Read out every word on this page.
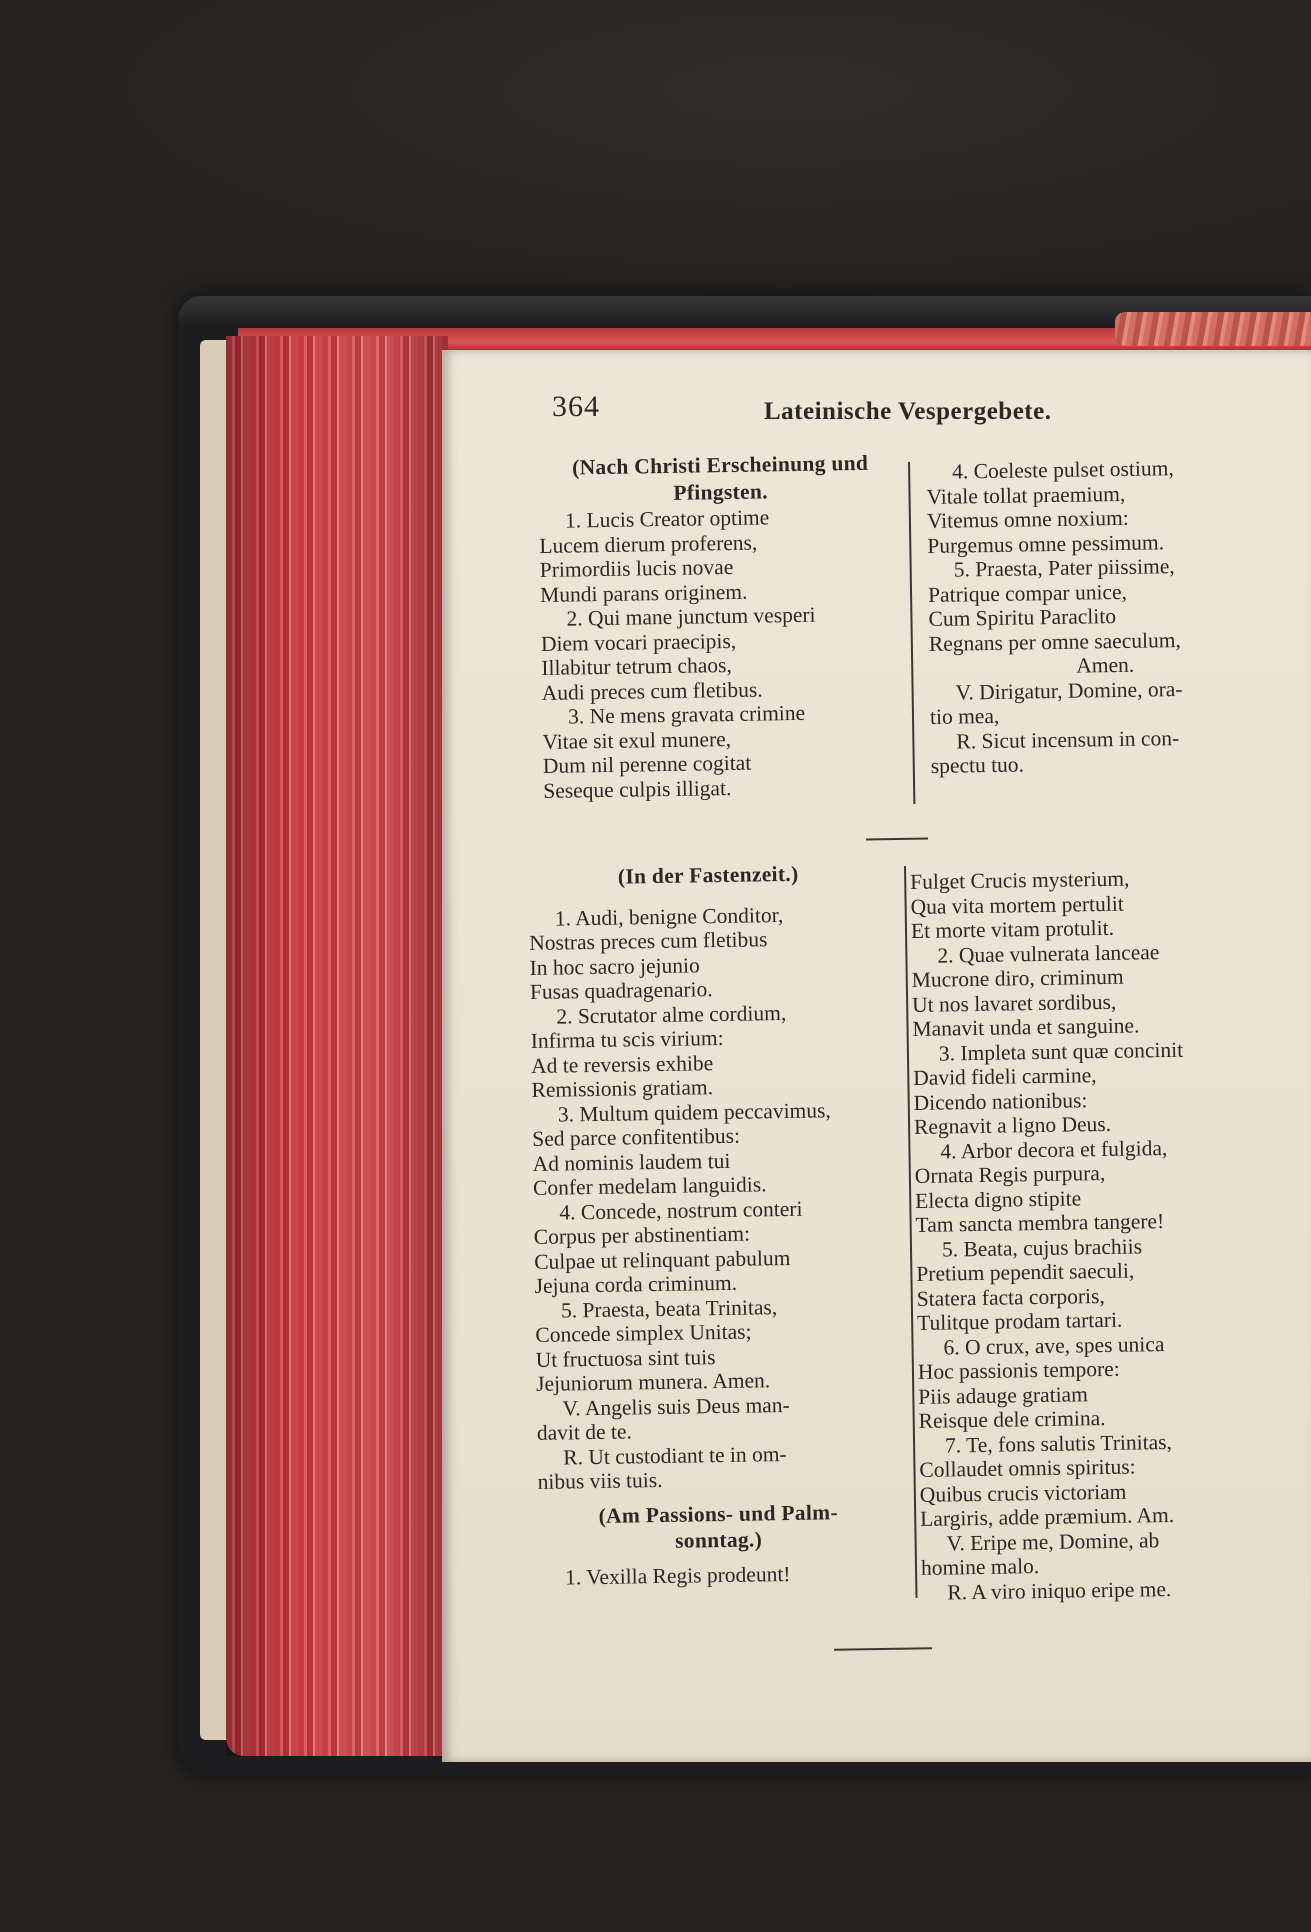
364	Lateinische Vespergebete.
(Nach Christi Erscheinung und
Pfingsten.
1. Lucis Creator optime
Lucem dierum proferens,
Primordiis lucis novae
Mundi parans originem.
2. Qui mane junctum vesperi
Diem vocari praecipis,
Illabitur tetrum chaos,
Audi preces cum fletibus.
3. Ne mens gravata crimine
Vitae sit exul munere,
Dum nil perenne cogitat
Seseque culpis illigat.
4. Coeleste pulset ostium,
Vitale tollat praemium,
Vitemus omne noxium:
Purgemus omne pessimum.
5. Praesta, Pater piissime,
Patrique compar unice,
Cum Spiritu Paraclito
Regnans per omne saeculum,
Amen.
V. Dirigatur, Domine, ora-
tio mea,
R. Sicut incensum in con-
spectu tuo.
(In der Fastenzeit.)
1. Audi, benigne Conditor,
Nostras preces cum fletibus
In hoc sacro jejunio
Fusas quadragenario.
2. Scrutator alme cordium,
Infirma tu scis virium:
Ad te reversis exhibe
Remissionis gratiam.
3. Multum quidem peccavimus,
Sed parce confitentibus:
Ad nominis laudem tui
Confer medelam languidis.
4. Concede, nostrum conteri
Corpus per abstinentiam:
Culpae ut relinquant pabulum
Jejuna corda criminum.
5. Praesta, beata Trinitas,
Concede simplex Unitas;
Ut fructuosa sint tuis
Jejuniorum munera. Amen.
V. Angelis suis Deus man-
davit de te.
R. Ut custodiant te in om-
nibus viis tuis.
(Am Passions- und Palm-
sonntag.)
1. Vexilla Regis prodeunt!
Fulget Crucis mysterium,
Qua vita mortem pertulit
Et morte vitam protulit.
2. Quae vulnerata lanceae
Mucrone diro, criminum
Ut nos lavaret sordibus,
Manavit unda et sanguine.
3. Impleta sunt quæ concinit
David fideli carmine,
Dicendo nationibus:
Regnavit a ligno Deus.
4. Arbor decora et fulgida,
Ornata Regis purpura,
Electa digno stipite
Tam sancta membra tangere!
5. Beata, cujus brachiis
Pretium pependit saeculi,
Statera facta corporis,
Tulitque prodam tartari.
6. O crux, ave, spes unica
Hoc passionis tempore:
Piis adauge gratiam
Reisque dele crimina.
7. Te, fons salutis Trinitas,
Collaudet omnis spiritus:
Quibus crucis victoriam
Largiris, adde præmium. Am.
V. Eripe me, Domine, ab
homine malo.
R. A viro iniquo eripe me.
